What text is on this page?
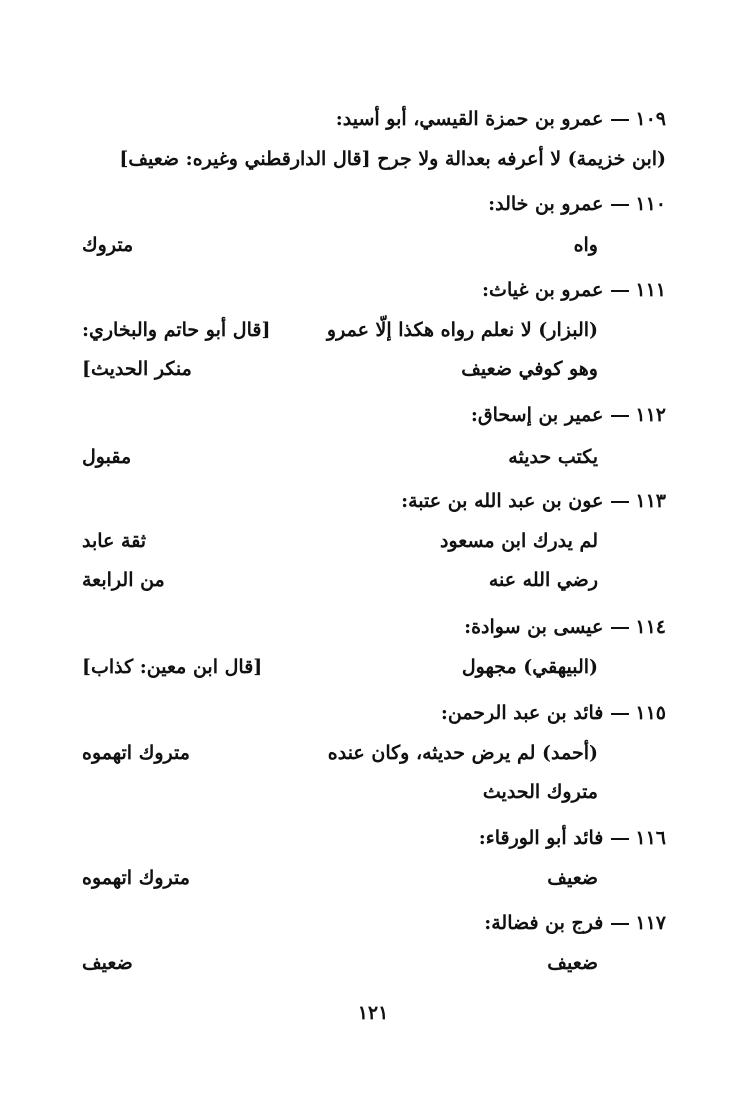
١٠٩عمرو بن حمزة القيسي، أبو أسيد:
(ابن خزيمة) لا أعرفه بعدالة ولا جرح [قال الدارقطني وغيره: ضعيف]
١١٠عمرو بن خالد:
واه
متروك
١١١عمرو بن غياث:
(البزار) لا نعلم رواه هكذا إلّا عمرو
[قال أبو حاتم والبخاري:
وهو كوفي ضعيف
منكر الحديث]
١١٢عمير بن إسحاق:
يكتب حديثه
مقبول
١١٣عون بن عبد الله بن عتبة:
لم يدرك ابن مسعود
ثقة عابد
رضي الله عنه
من الرابعة
١١٤عيسى بن سوادة:
(البيهقي) مجهول
[قال ابن معين: كذاب]
١١٥فائد بن عبد الرحمن:
(أحمد) لم يرض حديثه، وكان عنده
متروك اتهموه
متروك الحديث
١١٦فائد أبو الورقاء:
ضعيف
متروك اتهموه
١١٧فرج بن فضالة:
ضعيف
ضعيف
١٢١
